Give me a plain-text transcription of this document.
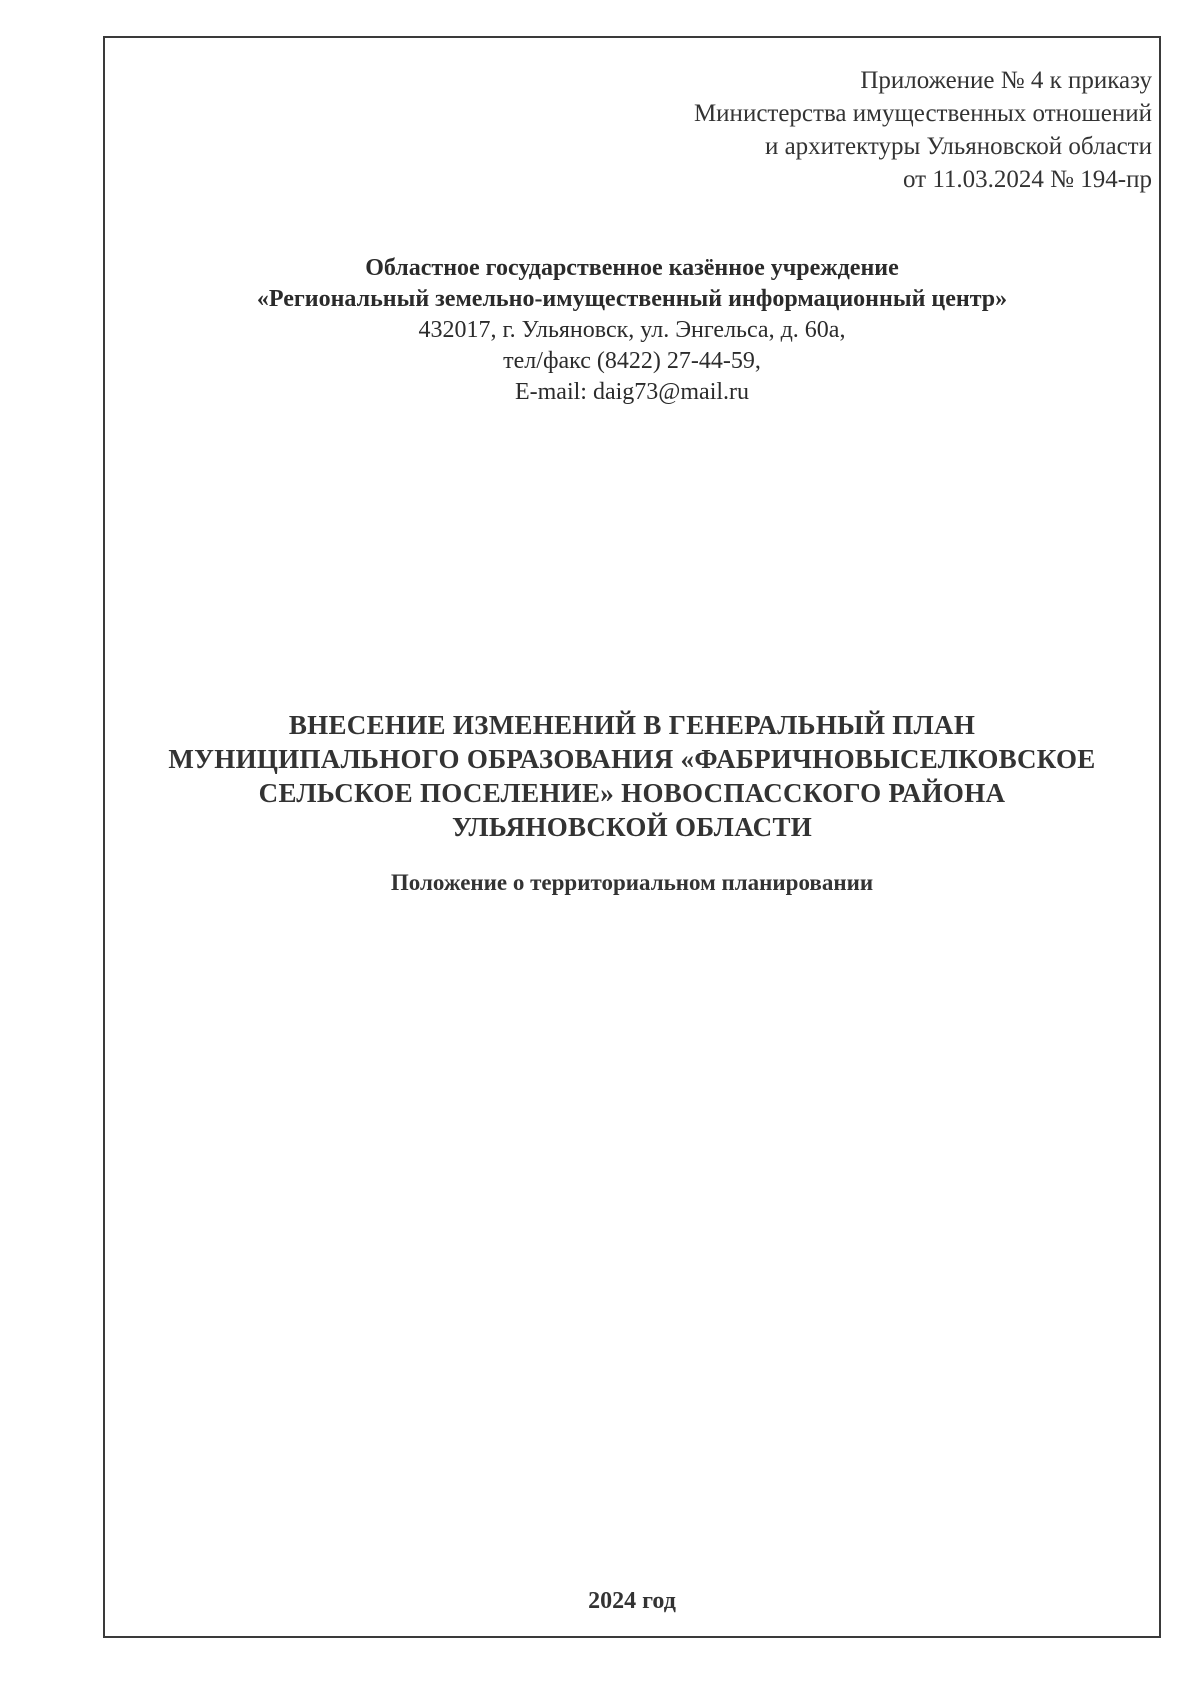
Приложение № 4 к приказу
Министерства имущественных отношений
и архитектуры Ульяновской области
от 11.03.2024 № 194-пр
Областное государственное казённое учреждение
«Региональный земельно-имущественный информационный центр»
432017, г. Ульяновск, ул. Энгельса, д. 60а,
тел/факс (8422) 27-44-59,
E-mail: daig73@mail.ru
ВНЕСЕНИЕ ИЗМЕНЕНИЙ В ГЕНЕРАЛЬНЫЙ ПЛАН
МУНИЦИПАЛЬНОГО ОБРАЗОВАНИЯ «ФАБРИЧНОВЫСЕЛКОВСКОЕ
СЕЛЬСКОЕ ПОСЕЛЕНИЕ» НОВОСПАССКОГО РАЙОНА
УЛЬЯНОВСКОЙ ОБЛАСТИ
Положение о территориальном планировании
2024 год
